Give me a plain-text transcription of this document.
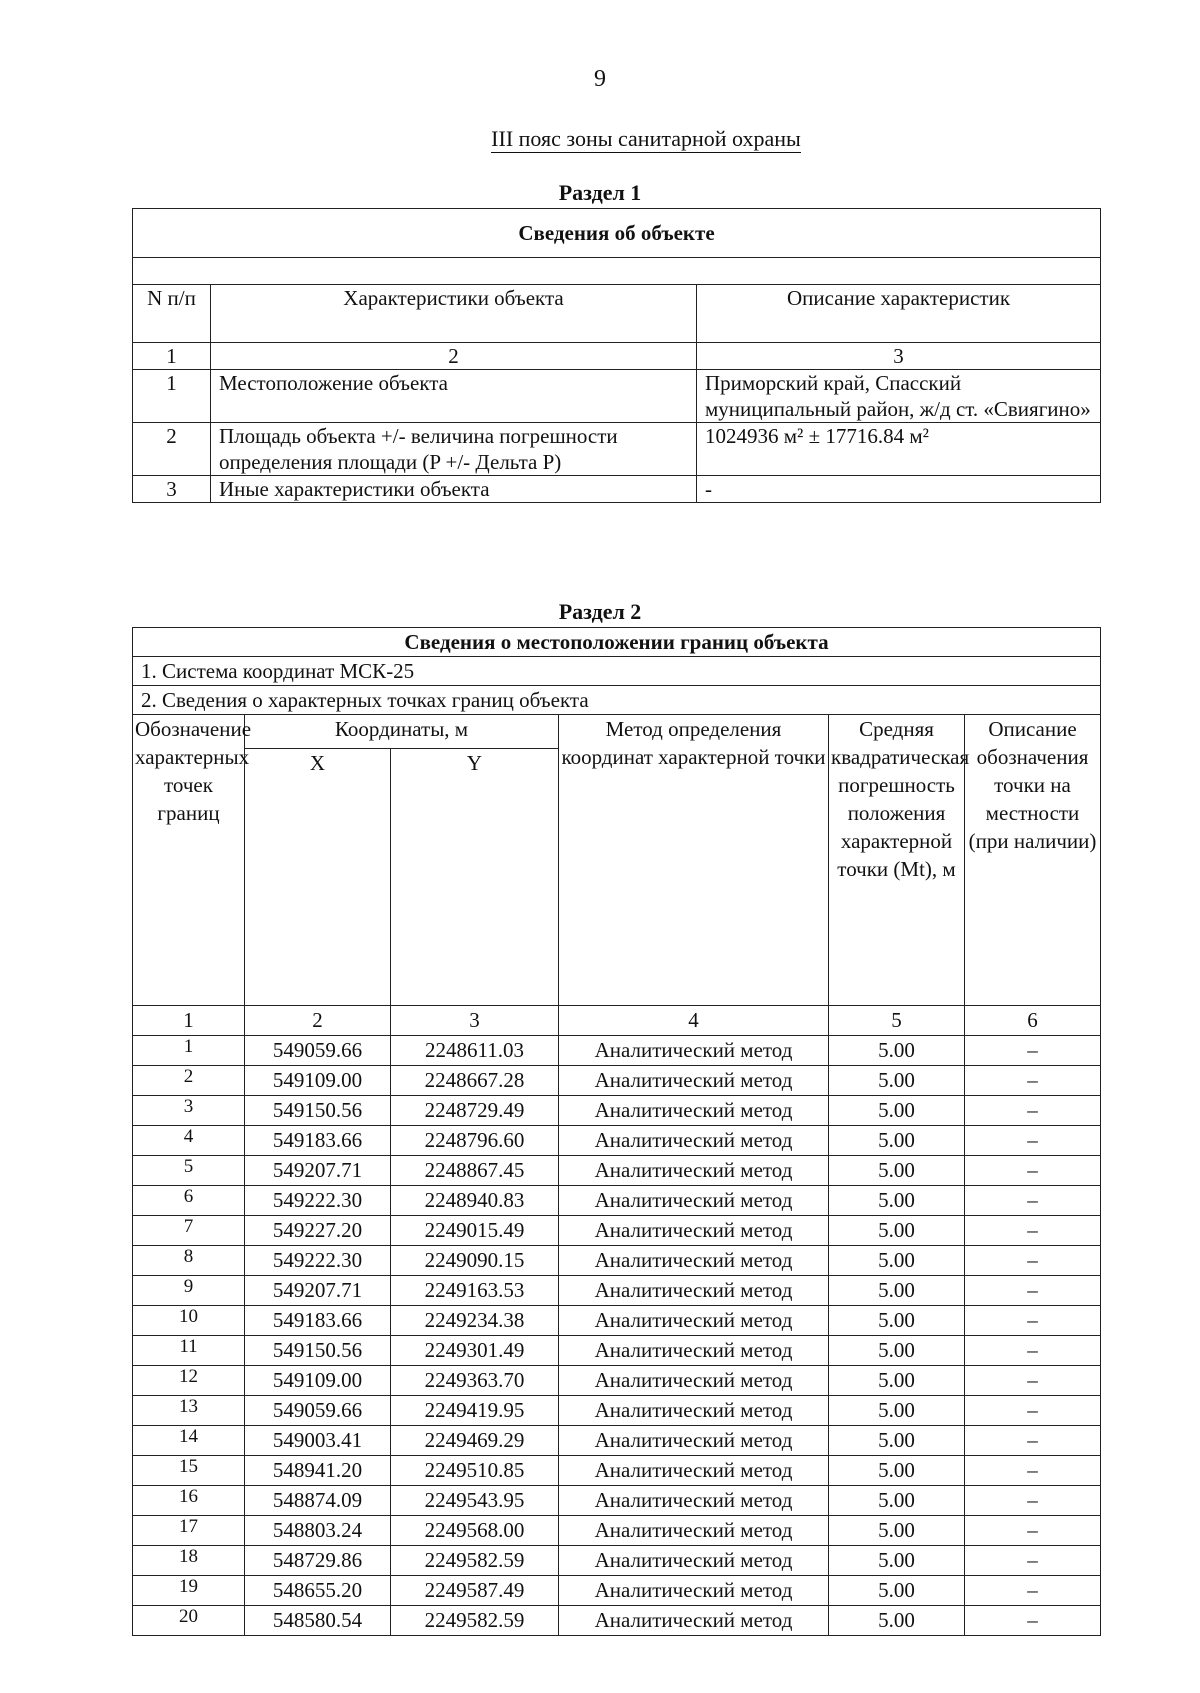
9
III пояс зоны санитарной охраны
Раздел 1
Сведения об объекте		

N п/п	Характеристики объекта	Описание характеристик
1	2	3
1	Местоположение объекта	Приморский край, Спасский муниципальный район, ж/д ст. «Свиягино»
2	Площадь объекта +/- величина погрешности определения площади (P +/- Дельта P)	1024936 м² ± 17716.84 м²
3	Иные характеристики объекта	-
Раздел 2
Сведения о местоположении границ объекта					
1. Система координат МСК-25					
2. Сведения о характерных точках границ объекта					
Обозначение характерных точек границ	Координаты, м		Метод определения координат характерной точки	Средняя квадратическая погрешность положения характерной точки (Mt), м	Описание обозначения точки на местности (при наличии)
	X	Y			
1	2	3	4	5	6
1	549059.66	2248611.03	Аналитический метод	5.00	–
2	549109.00	2248667.28	Аналитический метод	5.00	–
3	549150.56	2248729.49	Аналитический метод	5.00	–
4	549183.66	2248796.60	Аналитический метод	5.00	–
5	549207.71	2248867.45	Аналитический метод	5.00	–
6	549222.30	2248940.83	Аналитический метод	5.00	–
7	549227.20	2249015.49	Аналитический метод	5.00	–
8	549222.30	2249090.15	Аналитический метод	5.00	–
9	549207.71	2249163.53	Аналитический метод	5.00	–
10	549183.66	2249234.38	Аналитический метод	5.00	–
11	549150.56	2249301.49	Аналитический метод	5.00	–
12	549109.00	2249363.70	Аналитический метод	5.00	–
13	549059.66	2249419.95	Аналитический метод	5.00	–
14	549003.41	2249469.29	Аналитический метод	5.00	–
15	548941.20	2249510.85	Аналитический метод	5.00	–
16	548874.09	2249543.95	Аналитический метод	5.00	–
17	548803.24	2249568.00	Аналитический метод	5.00	–
18	548729.86	2249582.59	Аналитический метод	5.00	–
19	548655.20	2249587.49	Аналитический метод	5.00	–
20	548580.54	2249582.59	Аналитический метод	5.00	–
